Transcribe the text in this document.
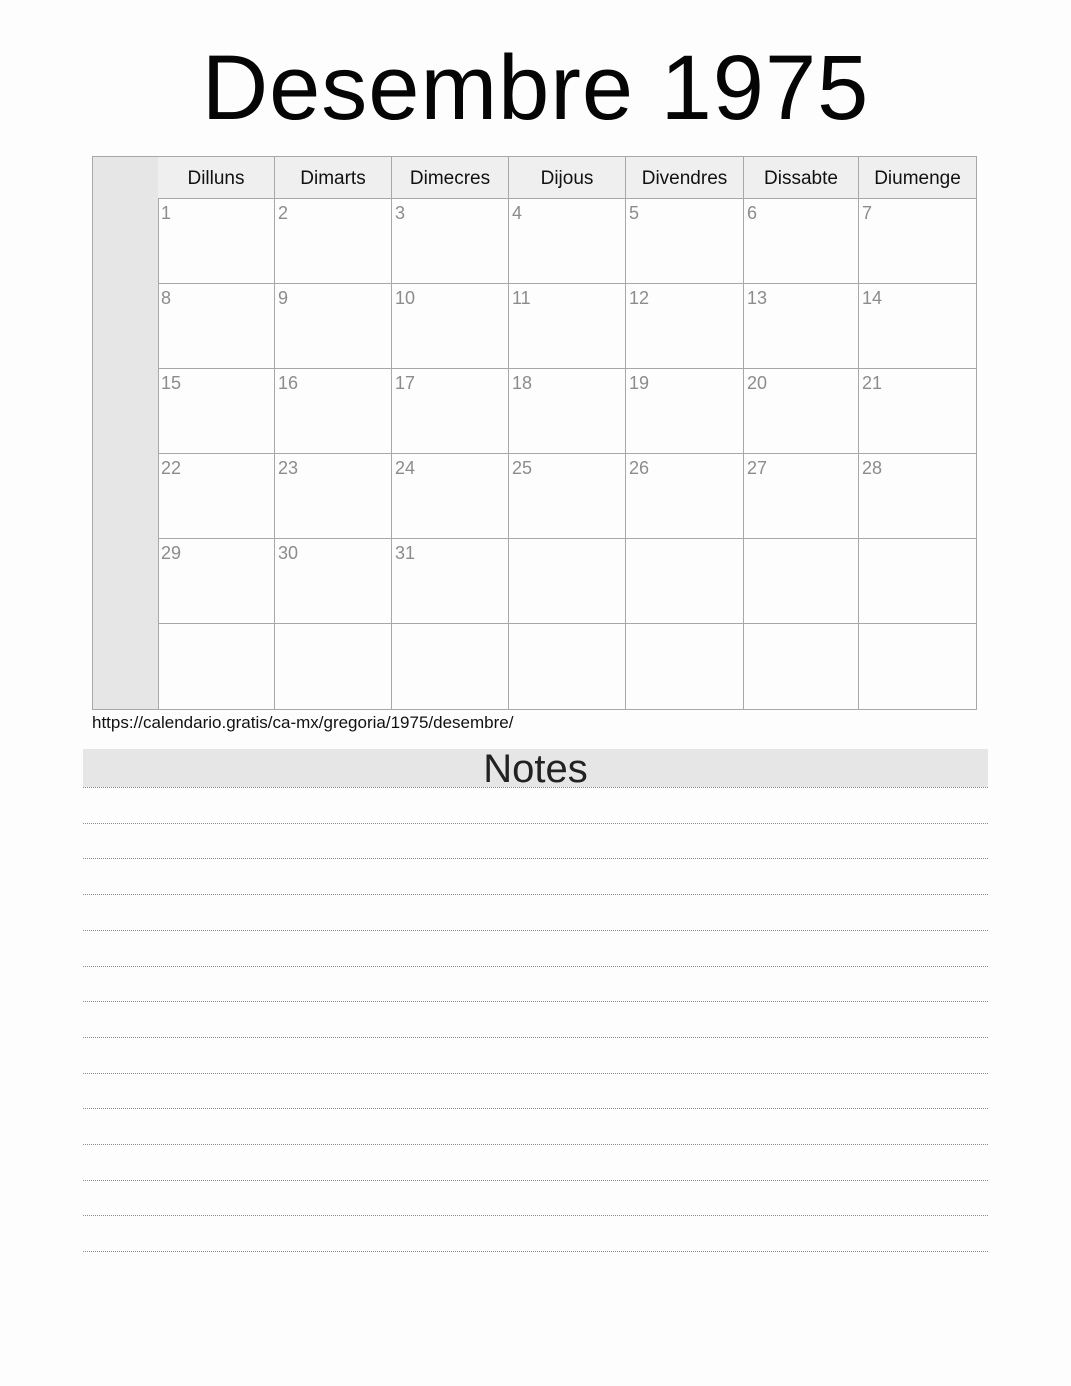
Desembre 1975
Dilluns	Dimarts	Dimecres	Dijous	Divendres	Dissabte	Diumenge
1	2	3	4	5	6	7
8	9	10	11	12	13	14
15	16	17	18	19	20	21
22	23	24	25	26	27	28
29	30	31
https://calendario.gratis/ca-mx/gregoria/1975/desembre/
Notes
